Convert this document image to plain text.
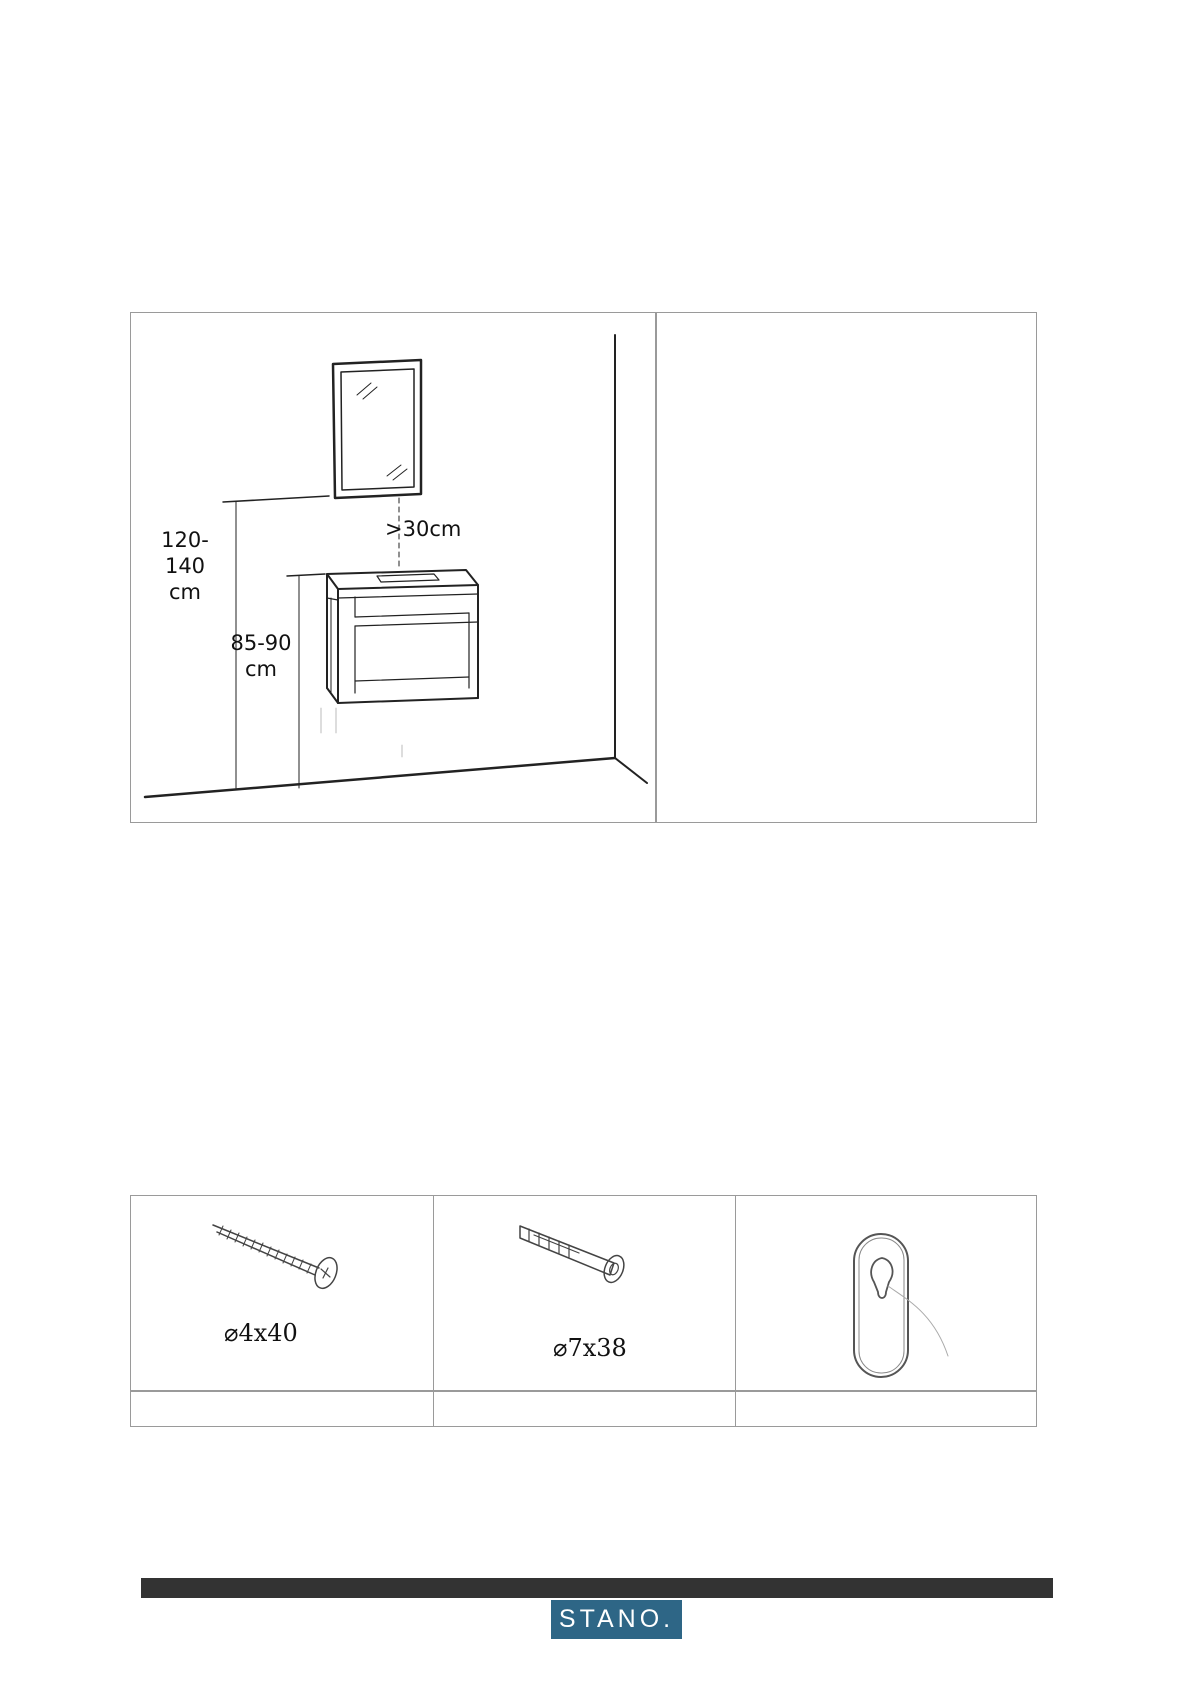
>30cm
120-140
cm
85-90
cm
⌀4x40
⌀7x38
STANO.
